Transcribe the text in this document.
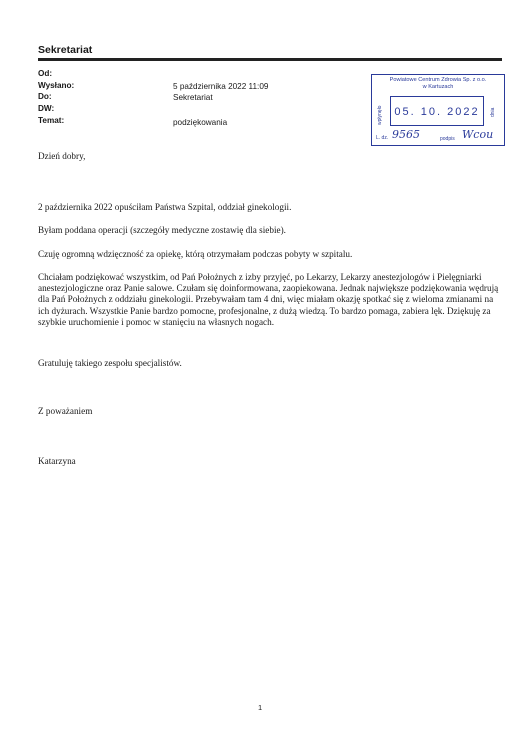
Sekretariat
Od:
Wysłano:	5 października 2022 11:09
Do:	Sekretariat
DW:
Temat:	podziękowania
Powiatowe Centrum Zdrowia Sp. z o.o.
w Kartuzach
wpłynęło	05. 10. 2022	dnia
L. dz. 9565	podpis Wcou
Dzień dobry,
2 października 2022 opuściłam Państwa Szpital, oddział ginekologii.
Byłam poddana operacji (szczegóły medyczne zostawię dla siebie).
Czuję ogromną wdzięczność za opiekę, którą otrzymałam podczas pobyty w szpitalu.
Chciałam podziękować wszystkim, od Pań Położnych z izby przyjęć, po Lekarzy, Lekarzy anestezjologów i Pielęgniarki anestezjologiczne oraz Panie salowe. Czułam się doinformowana, zaopiekowana. Jednak największe podziękowania wędrują dla Pań Położnych z oddziału ginekologii. Przebywałam tam 4 dni, więc miałam okazję spotkać się z wieloma zmianami na ich dyżurach. Wszystkie Panie bardzo pomocne, profesjonalne, z dużą wiedzą. To bardzo pomaga, zabiera lęk. Dziękuję za szybkie uruchomienie i pomoc w stanięciu na własnych nogach.
Gratuluję takiego zespołu specjalistów.
Z poważaniem
Katarzyna
1
